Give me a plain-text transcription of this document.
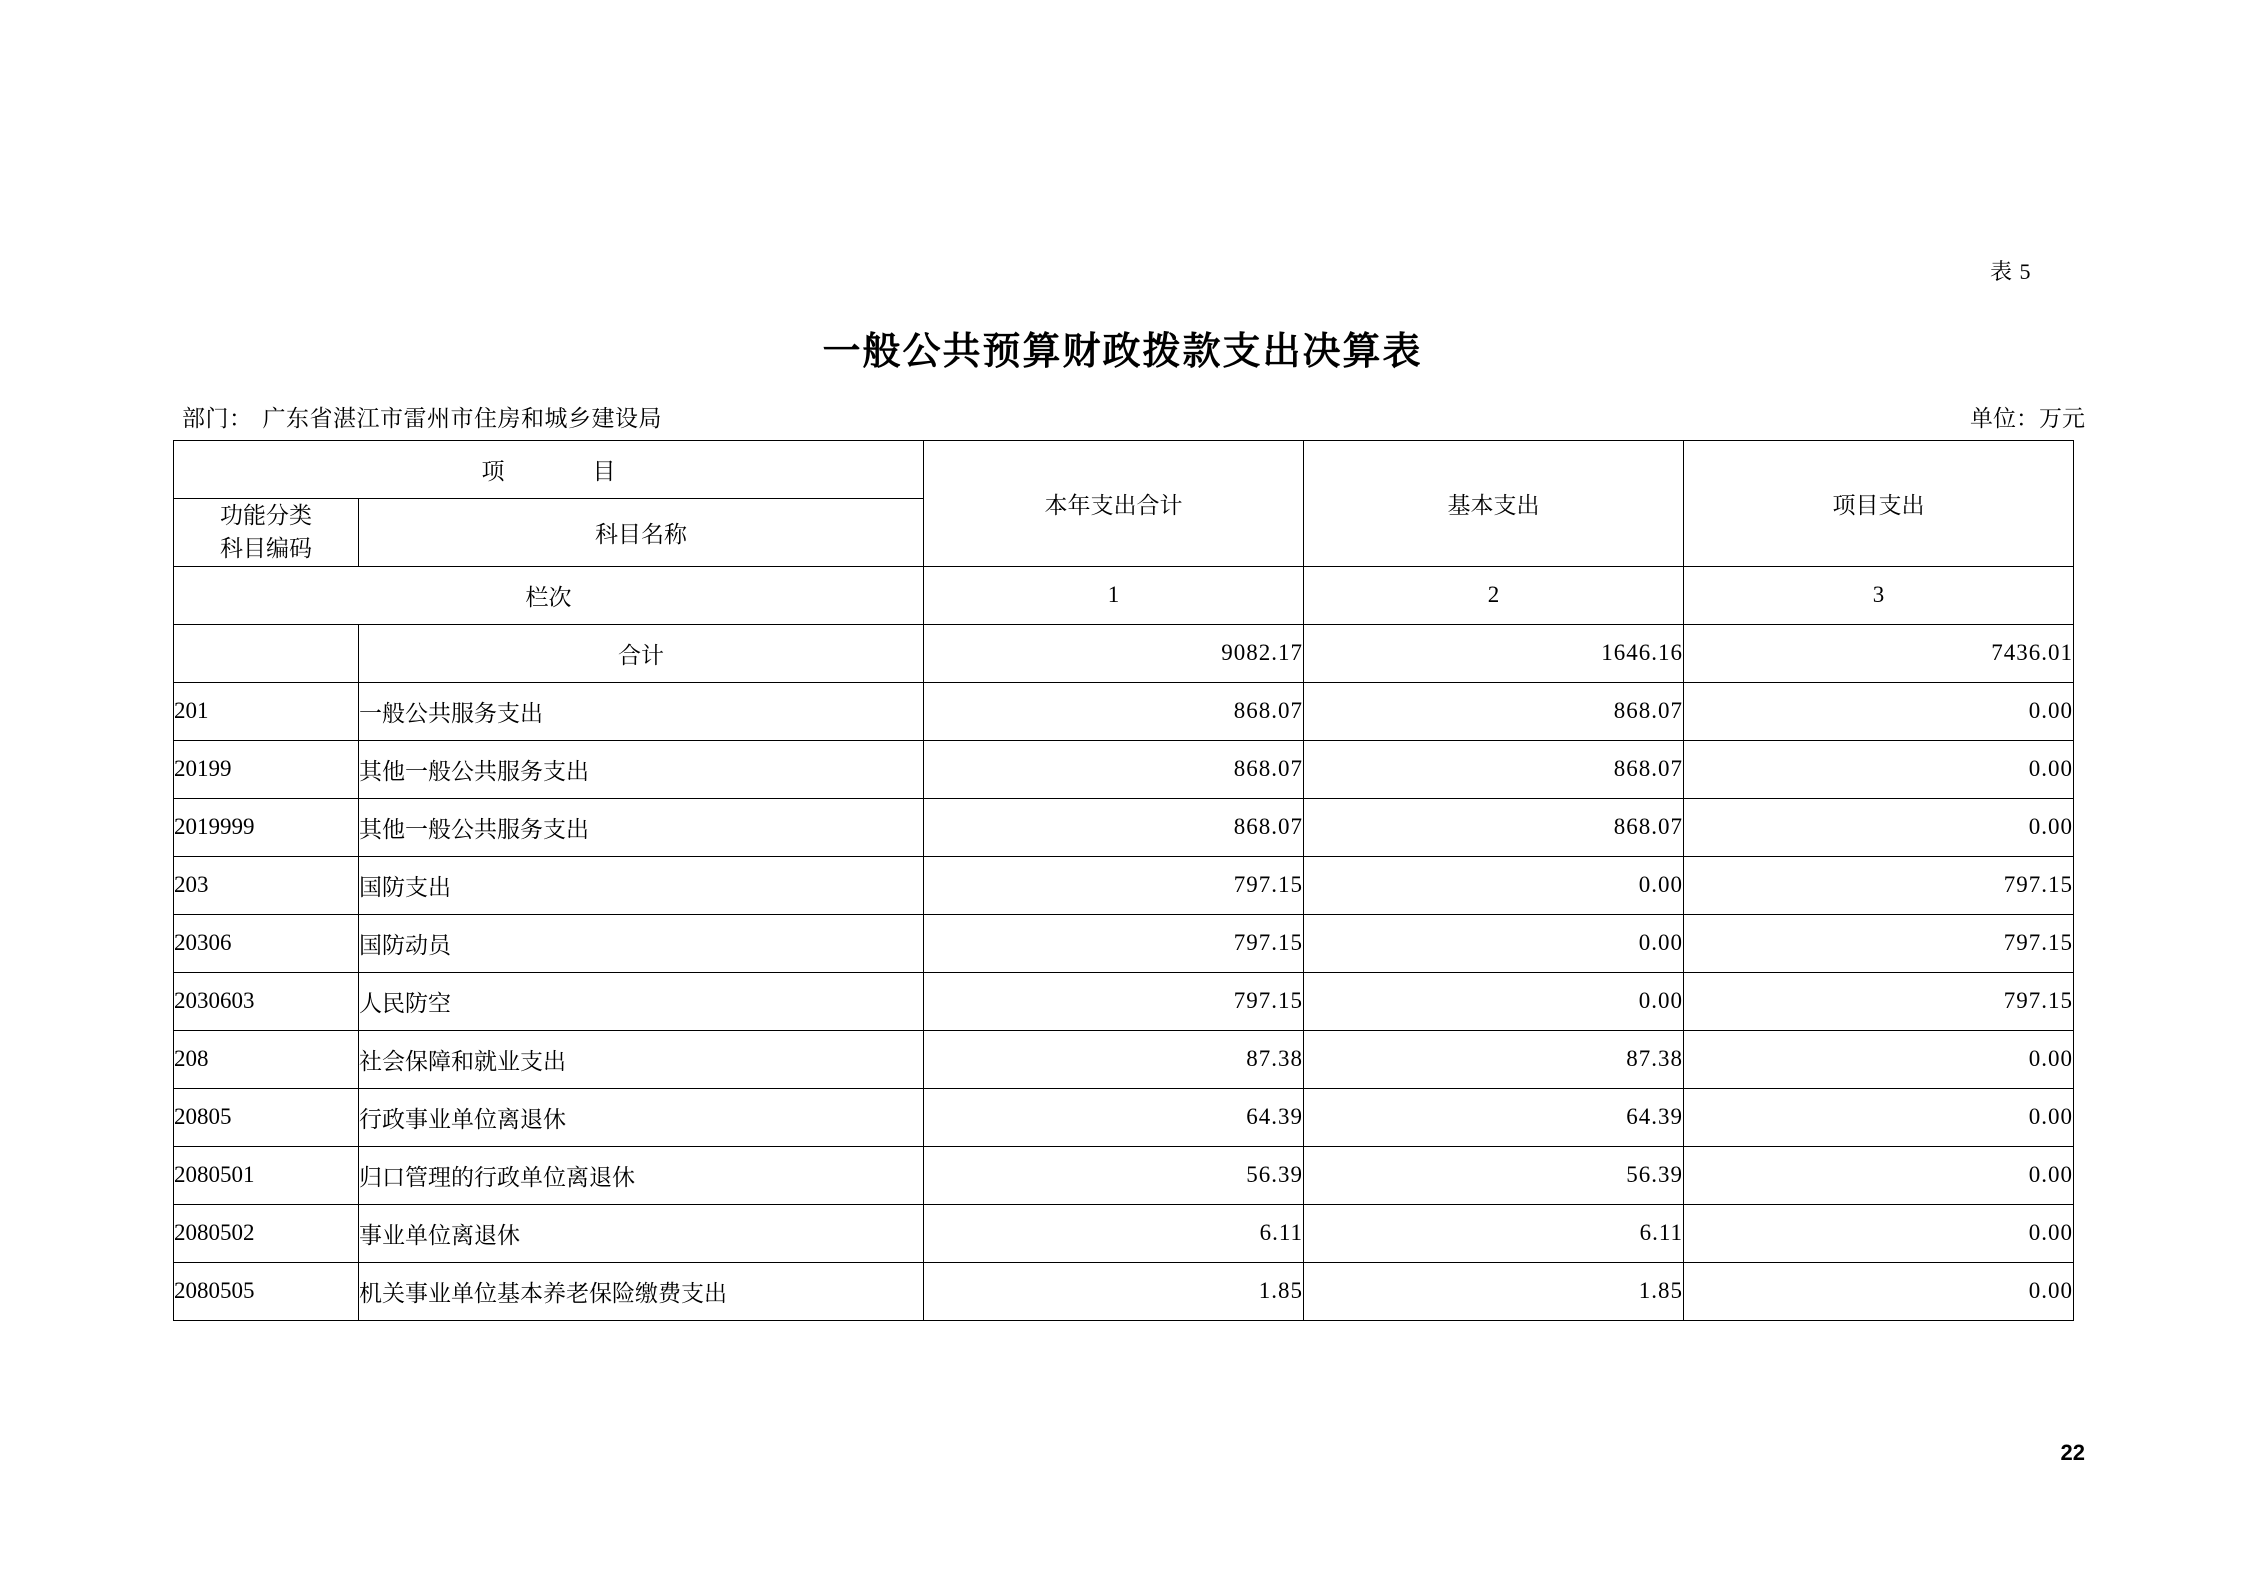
表 5
一般公共预算财政拨款支出决算表
部门： 广东省湛江市雷州市住房和城乡建设局	单位：万元
项　　目		本年支出合计	基本支出	项目支出

功能分类
科目编码	科目名称			
栏次		1	2	3
	合计	9082.17	1646.16	7436.01
201	一般公共服务支出	868.07	868.07	0.00
20199	其他一般公共服务支出	868.07	868.07	0.00
2019999	其他一般公共服务支出	868.07	868.07	0.00
203	国防支出	797.15	0.00	797.15
20306	国防动员	797.15	0.00	797.15
2030603	人民防空	797.15	0.00	797.15
208	社会保障和就业支出	87.38	87.38	0.00
20805	行政事业单位离退休	64.39	64.39	0.00
2080501	归口管理的行政单位离退休	56.39	56.39	0.00
2080502	事业单位离退休	6.11	6.11	0.00
2080505	机关事业单位基本养老保险缴费支出	1.85	1.85	0.00
22
